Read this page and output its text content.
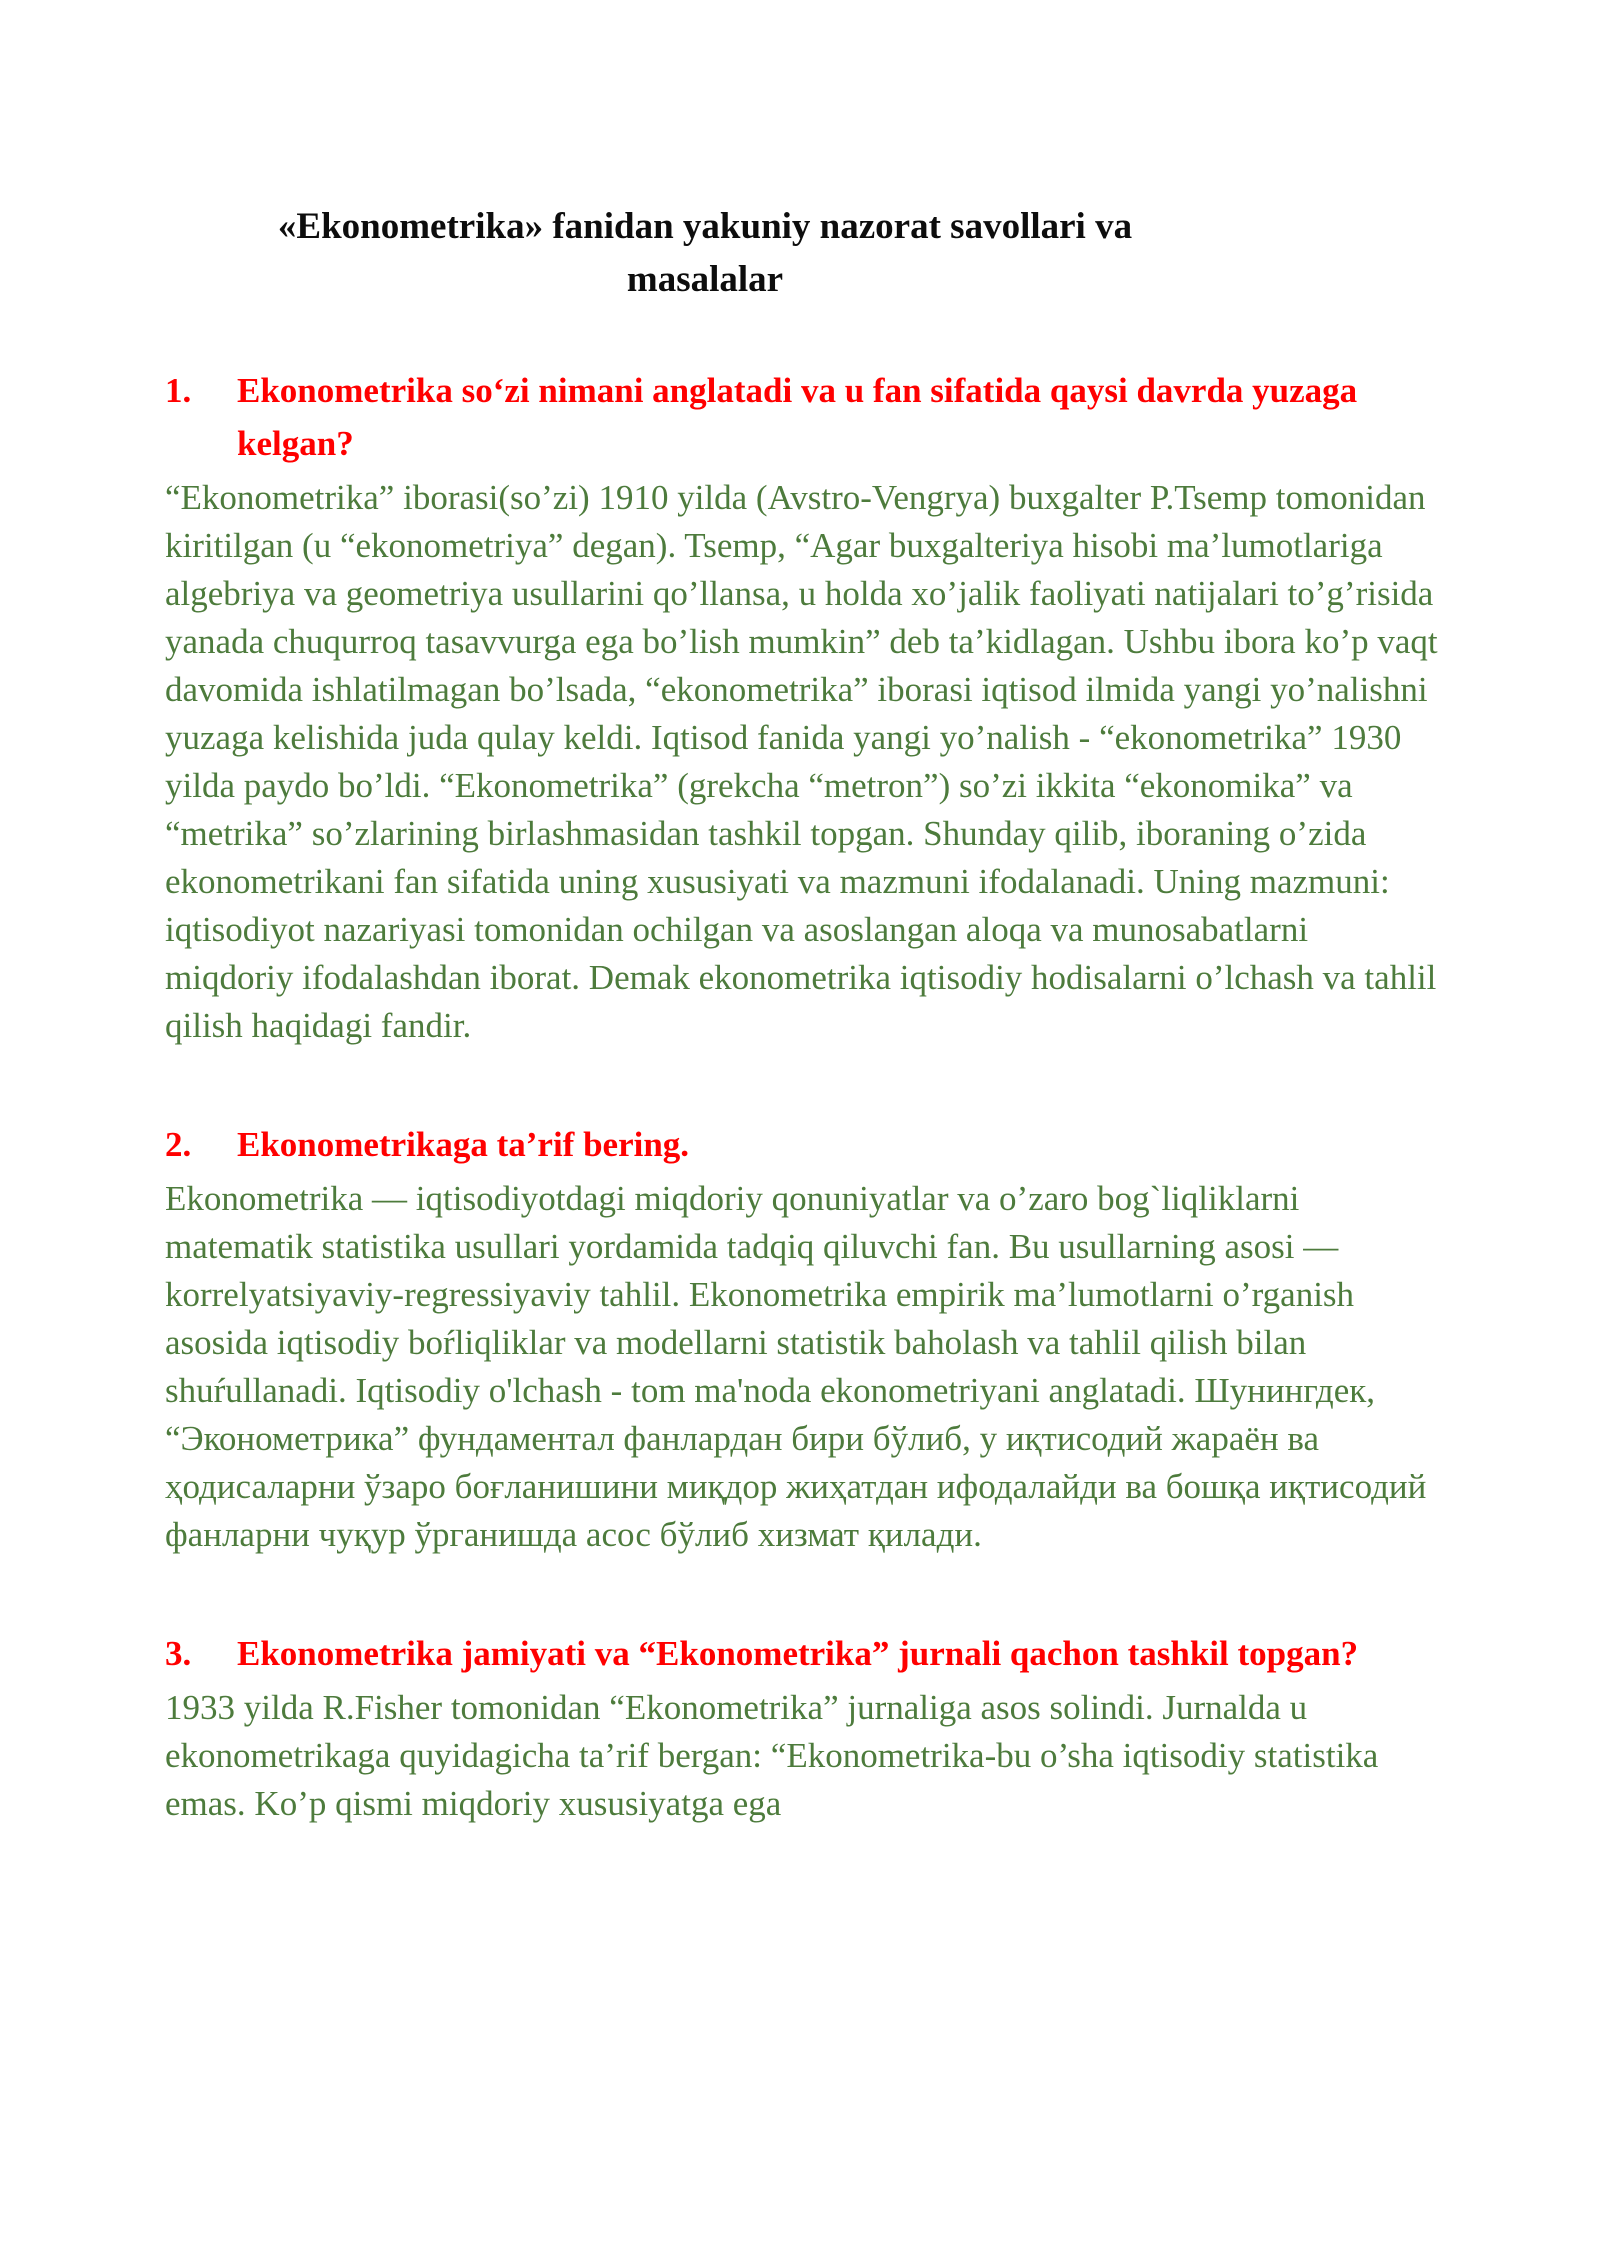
«Ekonometrika» fanidan yakuniy nazorat savollari va
masalalar
1.	Ekonometrika so‘zi nimani anglatadi va u fan sifatida qaysi davrda yuzaga kelgan?

“Ekonometrika” iborasi(so’zi) 1910 yilda (Avstro-Vengrya) buxgalter P.Tsemp tomonidan kiritilgan (u “ekonometriya” degan). Tsemp, “Agar buxgalteriya hisobi ma’lumotlariga algebriya va geometriya usullarini qo’llansa, u holda xo’jalik faoliyati natijalari to’g’risida yanada chuqurroq tasavvurga ega bo’lish mumkin” deb ta’kidlagan. Ushbu ibora ko’p vaqt davomida ishlatilmagan bo’lsada, “ekonometrika” iborasi iqtisod ilmida yangi yo’nalishni yuzaga kelishida juda qulay keldi. Iqtisod fanida yangi yo’nalish - “ekonometrika” 1930 yilda paydo bo’ldi. “Ekonometrika” (grekcha “metron”) so’zi ikkita “ekonomika” va “metrika” so’zlarining birlashmasidan tashkil topgan. Shunday qilib, iboraning o’zida ekonometrikani fan sifatida uning xususiyati va mazmuni ifodalanadi. Uning mazmuni: iqtisodiyot nazariyasi tomonidan ochilgan va asoslangan aloqa va munosabatlarni miqdoriy ifodalashdan iborat. Demak ekonometrika iqtisodiy hodisalarni o’lchash va tahlil qilish haqidagi fandir.

2.	Ekonometrikaga ta’rif bering.

Ekonometrika — iqtisodiyotdagi miqdoriy qonuniyatlar va o’zaro bog`liqliklarni matematik statistika usullari yordamida tadqiq qiluvchi fan. Bu usullarning asosi — korrelyatsiyaviy-regressiyaviy tahlil. Ekonometrika empirik ma’lumotlarni o’rganish asosida iqtisodiy boŕliqliklar va modellarni statistik baholash va tahlil qilish bilan shuŕullanadi. Iqtisodiy o'lchash - tom ma'noda ekonometriyani anglatadi. Шунингдек, “Эконометрика” фундаментал фанлардан бири бўлиб, у иқтисодий жараён ва ҳодисаларни ўзаро боғланишини миқдор жиҳатдан ифодалайди ва бошқа иқтисодий фанларни чуқур ўрганишда асос бўлиб хизмат қилади.

3.	Ekonometrika jamiyati va “Ekonometrika” jurnali qachon tashkil topgan?

1933 yilda R.Fisher tomonidan “Ekonometrika” jurnaliga asos solindi. Jurnalda u ekonometrikaga quyidagicha ta’rif bergan: “Ekonometrika-bu o’sha iqtisodiy statistika emas. Ko’p qismi miqdoriy xususiyatga ega
